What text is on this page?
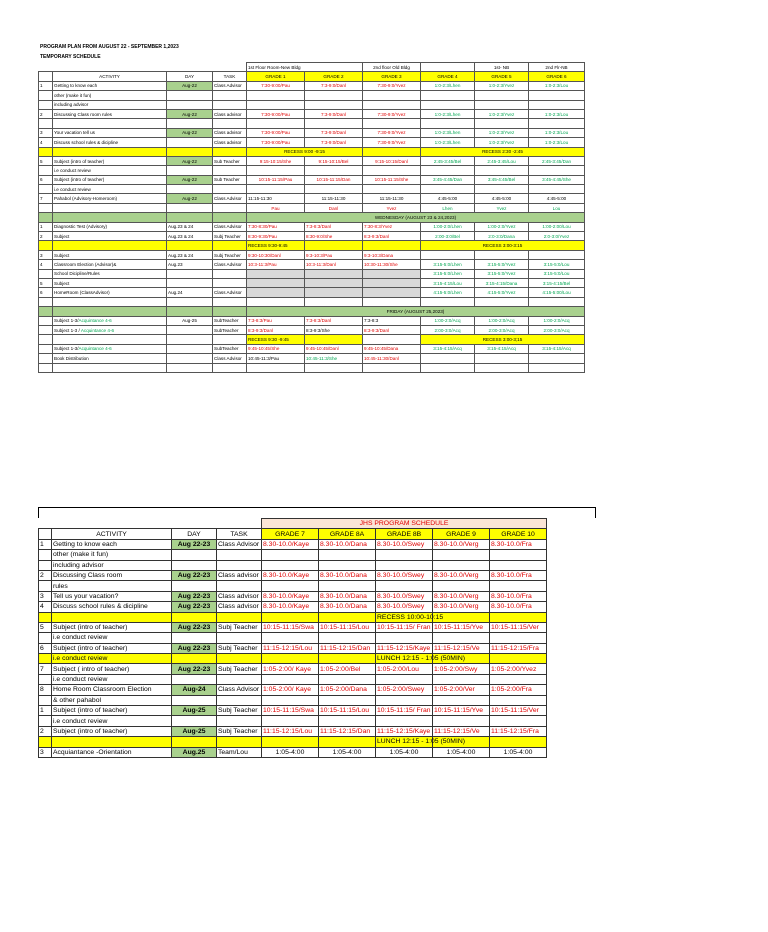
PROGRAM PLAN FROM AUGUST 22 - SEPTEMBER 1,2023
TEMPORARY SCHEDULE
				1st Floor Room-New Bldg		2nd floor Old Bldg		1st- NB	2nd Flr-NB
	ACTIVITY	DAY	TASK	GRADE 1	GRADE 2	GRADE 3	GRADE 4	GRADE 5	GRADE 6
1	Getting to know each	Aug-22	Class Advisor	7:30-9:00/Pau	7:3-9:0/Danl	7:30-9:0/Yvez	1:0-2:3/Lhen	1:0-2:3/Yvez	1:0-2:3/Lou
	other (make it fun)								
	including advisor								
2	Discussing Class room rules	Aug-22	Class advisor	7:30-9:00/Pau	7:3-9:0/Danl	7:30-9:0/Yvez	1:0-2:3/Lhen	1:0-2:3/Yvez	1:0-2:3/Lou

3	Your vacation tell us	Aug-22	Class advisor	7:30-9:00/Pau	7:3-9:0/Danl	7:30-9:0/Yvez	1:0-2:3/Lhen	1:0-2:3/Yvez	1:0-2:3/Lou
4	Discuss school rules & dicipline		Class advisor	7:30-9:00/Pau	7:3-9:0/Danl	7:30-9:0/Yvez	1:0-2:3/Lhen	1:0-2:3/Yvez	1:0-2:3/Lou
				RECESS 9:00 -9:15			RECESS 2:30 -2:45		
5	Subject (intro of teacher)	Aug-22	Sub Teacher	9:15-10:15/She	9:15-10:15/Bel	9:15-10:15/Danl	2:45-3:45/Bel	2:45-3:45/Lou	2:45-3:45/Dan
	i.e conduct review								
6	Subject (intro of teacher)	Aug-22	Sub Teacher	10:15-11:15/Pau	10:15-11:15/Dan	10:15-11:15/She	3:45-4:45/Dan	3:45-4:45/Bel	3:45-4:45/She
	i.e conduct review								
7	Pahabol (Advisory-Homeroom)	Aug-22	Class Advisor	11:15-11:30	11:15-11:30	11:15-11:30	4:45-5:00	4:45-5:00	4:45-5:00
				Pau	Danl	Yvez	Lhen	Yvez	Lou
				WEDNESDAY (AUGUST 23 & 24,2023)					
1	Diagnostic Test (Advisory)	Aug.23 & 24	Class Advisor	7:30-8:30/Pau	7:3-8:3/Danl	7:30-8:3/Yvez	1:00-2:0/Lhen	1:00-2:0/Yvez	1:00-2:00/Lou
2	Subject	Aug.23 & 24	Subj Teacher	8:30-9:30/Pau	8:30-9:0/She	8:3-9:3/Danl	2:00-3:0/Bel	2:0-3:0/Dana	2:0-3:0/Yvez
				RECESS 9:30-9:45			RECESS 3:00-3:15		
3	Subject	Aug.23 & 24	Subj Teacher	9:30-10:30/Danl	9:3-10:3/Pau	9:3-10:3/Dana			
4	Classroom Election (Advisor)&	Aug.23	Class Advisor	10:3-11:3/Pau	10:3-11:3/Danl	10:30-11:30/She	3:15-5:0/Lhen	3:15-5:0/Yvez	3:15-5:0/Lou
	School Dicipline/Rules						3:15-5:0/Lhen	3:15-5:0/Yvez	3:15-5:0/Lou
5	Subject						3:15-4:15/Lou	3:15-4:15/Dana	3:15-4:15/Bel
6	HomeRoom (ClassAdvisor)	Aug.24	Class Advisor				4:15-5:0/Lhen	4:15-5:0/Yvez	4:15-5:00/Lou

				FRIDAY (AUGUST 25,2023)					
	Subject 1-3/Acquintance 4-6	Aug-25	SubTeacher	7:3-8:3/Pau	7:3-8:3/Danl	7:3-8:3	1:00-2:0/Acq	1:00-2:0/Acq	1:00-2:0/Acq
	Subject 1-3 / Acquintance 4-6		SubTeacher	8:3-9:3/Danl	8:3-9:3/She	8:3-9:3/Danl	2:00-3:0/Acq	2:00-3:0/Acq	2:00-3:0/Acq
				RECESS 9:30 -9:45			RECESS 3:00-3;15		
	Subject 1-3/Acquintance 4-6		SubTeacher	9:45-10:45/She	9:45-10:45/Danl	9:45-10:45/Dana	3:15-4:15/Acq	3:15-4:15/Acq	3:15-4:15/Acq
	Book Distribution		Class Advisor	10:45-11:3/Pau	10:45-11:3/She	10:45-11:30/Danl			

				JHS PROGRAM SCHEDULE				
	ACTIVITY	DAY	TASK	GRADE 7	GRADE 8A	GRADE 8B	GRADE 9	GRADE 10
1	Getting to know each	Aug 22-23	Class Advisor	8.30-10.0/Kaye	8.30-10.0/Dana	8.30-10.0/Swey	8.30-10.0/Verg	8.30-10.0/Fra
	other (make it fun)							
	including advisor							
2	Discussing Class room	Aug 22-23	Class advisor	8.30-10.0/Kaye	8.30-10.0/Dana	8.30-10.0/Swey	8.30-10.0/Verg	8.30-10.0/Fra
	rules							
3	Tell us your vacation?	Aug 22-23	Class advisor	8.30-10.0/Kaye	8.30-10.0/Dana	8.30-10.0/Swey	8.30-10.0/Verg	8.30-10.0/Fra
4	Discuss school rules & dicipline	Aug 22-23	Class advisor	8.30-10.0/Kaye	8.30-10.0/Dana	8.30-10.0/Swey	8.30-10.0/Verg	8.30-10.0/Fra
						RECESS 10:00-10:15		
5	Subject (intro of teacher)	Aug 22-23	Subj Teacher	10:15-11:15/Swa	10:15-11:15/Lou	10:15-11:15/ Fran	10:15-11:15/Yve	10:15-11:15/Ver
	i.e conduct review							
6	Subject (intro of teacher)	Aug 22-23	Subj Teacher	11:15-12:15/Lou	11:15-12:15/Dan	11:15-12:15/Kaye	11:15-12:15/Ve	11:15-12:15/Fra
	i.e conduct review					LUNCH 12:15 - 1:05 (50MIN)		
7	Subject ( intro of teacher)	Aug 22-23	Subj Teacher	1:05-2:00/ Kaye	1:05-2:00/Bel	1:05-2:00/Lou	1:05-2:00/Swy	1:05-2:00/Yvez
	i.e conduct review							
8	Home Room Classroom Election	Aug-24	Class Advisor	1:05-2:00/ Kaye	1:05-2:00/Dana	1:05-2:00/Swey	1:05-2:00/Ver	1:05-2:00/Fra
	& other pahabol							
1	Subject (intro of teacher)	Aug-25	Subj Teacher	10:15-11:15/Swa	10:15-11:15/Lou	10:15-11:15/ Fran	10:15-11:15/Yve	10:15-11:15/Ver
	i.e conduct review							
2	Subject (intro of teacher)	Aug-25	Subj Teacher	11:15-12:15/Lou	11:15-12:15/Dan	11:15-12:15/Kaye	11:15-12:15/Ve	11:15-12:15/Fra
						LUNCH 12:15 - 1:05 (50MIN)		
3	Acquiantance -Orientation	Aug.25	Team/Lou	1:05-4:00	1:05-4:00	1:05-4:00	1:05-4:00	1:05-4:00
